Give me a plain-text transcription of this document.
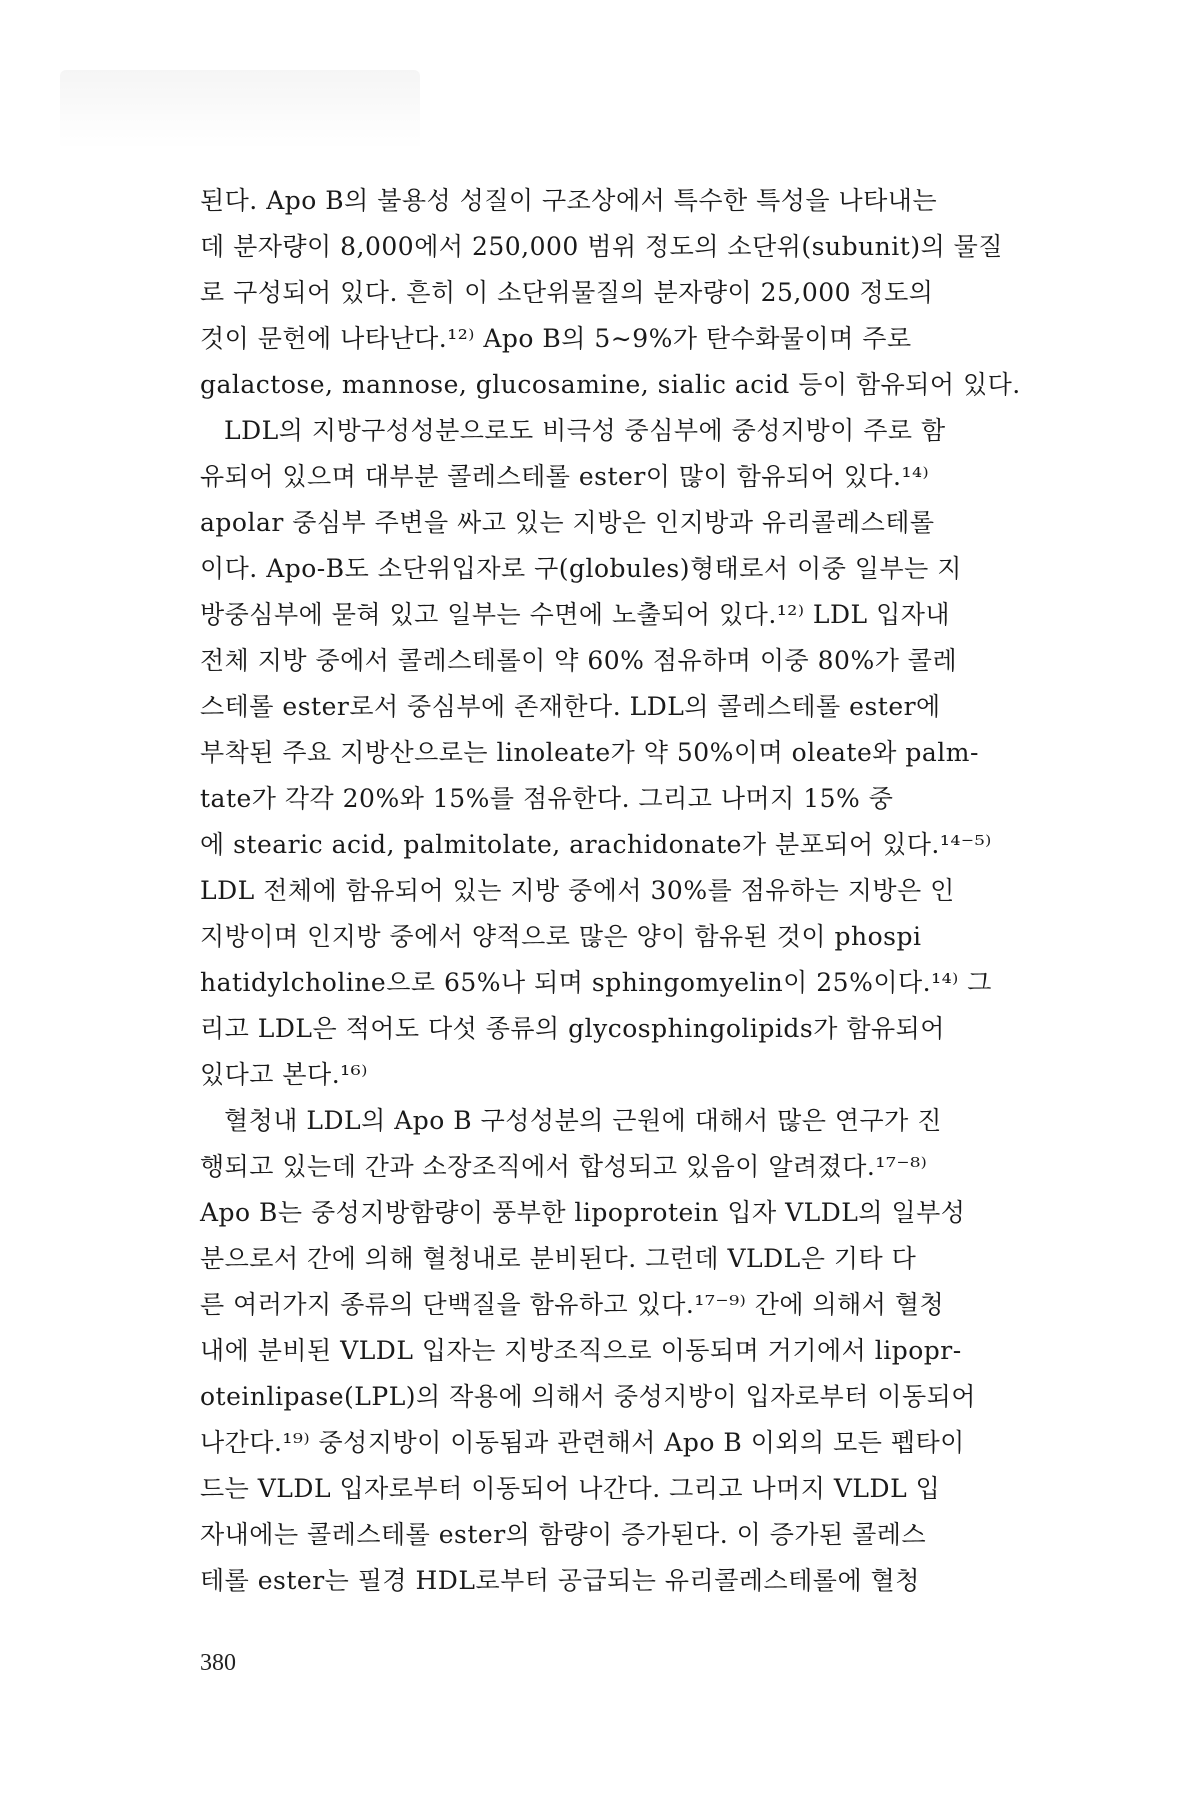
된다. Apo B의 불용성 성질이 구조상에서 특수한 특성을 나타내는
데 분자량이 8,000에서 250,000 범위 정도의 소단위(subunit)의 물질
로 구성되어 있다. 흔히 이 소단위물질의 분자량이 25,000 정도의
것이 문헌에 나타난다.¹²⁾ Apo B의 5∼9%가 탄수화물이며 주로
galactose, mannose, glucosamine, sialic acid 등이 함유되어 있다.
LDL의 지방구성성분으로도 비극성 중심부에 중성지방이 주로 함
유되어 있으며 대부분 콜레스테롤 ester이 많이 함유되어 있다.¹⁴⁾
apolar 중심부 주변을 싸고 있는 지방은 인지방과 유리콜레스테롤
이다. Apo-B도 소단위입자로 구(globules)형태로서 이중 일부는 지
방중심부에 묻혀 있고 일부는 수면에 노출되어 있다.¹²⁾ LDL 입자내
전체 지방 중에서 콜레스테롤이 약 60% 점유하며 이중 80%가 콜레
스테롤 ester로서 중심부에 존재한다. LDL의 콜레스테롤 ester에
부착된 주요 지방산으로는 linoleate가 약 50%이며 oleate와 palm-
tate가 각각 20%와 15%를 점유한다. 그리고 나머지 15% 중
에 stearic acid, palmitolate, arachidonate가 분포되어 있다.¹⁴⁻⁵⁾
LDL 전체에 함유되어 있는 지방 중에서 30%를 점유하는 지방은 인
지방이며 인지방 중에서 양적으로 많은 양이 함유된 것이 phospi
hatidylcholine으로 65%나 되며 sphingomyelin이 25%이다.¹⁴⁾ 그
리고 LDL은 적어도 다섯 종류의 glycosphingolipids가 함유되어
있다고 본다.¹⁶⁾
혈청내 LDL의 Apo B 구성성분의 근원에 대해서 많은 연구가 진
행되고 있는데 간과 소장조직에서 합성되고 있음이 알려졌다.¹⁷⁻⁸⁾
Apo B는 중성지방함량이 풍부한 lipoprotein 입자 VLDL의 일부성
분으로서 간에 의해 혈청내로 분비된다. 그런데 VLDL은 기타 다
른 여러가지 종류의 단백질을 함유하고 있다.¹⁷⁻⁹⁾ 간에 의해서 혈청
내에 분비된 VLDL 입자는 지방조직으로 이동되며 거기에서 lipopr-
oteinlipase(LPL)의 작용에 의해서 중성지방이 입자로부터 이동되어
나간다.¹⁹⁾ 중성지방이 이동됨과 관련해서 Apo B 이외의 모든 펩타이
드는 VLDL 입자로부터 이동되어 나간다. 그리고 나머지 VLDL 입
자내에는 콜레스테롤 ester의 함량이 증가된다. 이 증가된 콜레스
테롤 ester는 필경 HDL로부터 공급되는 유리콜레스테롤에 혈청
380
